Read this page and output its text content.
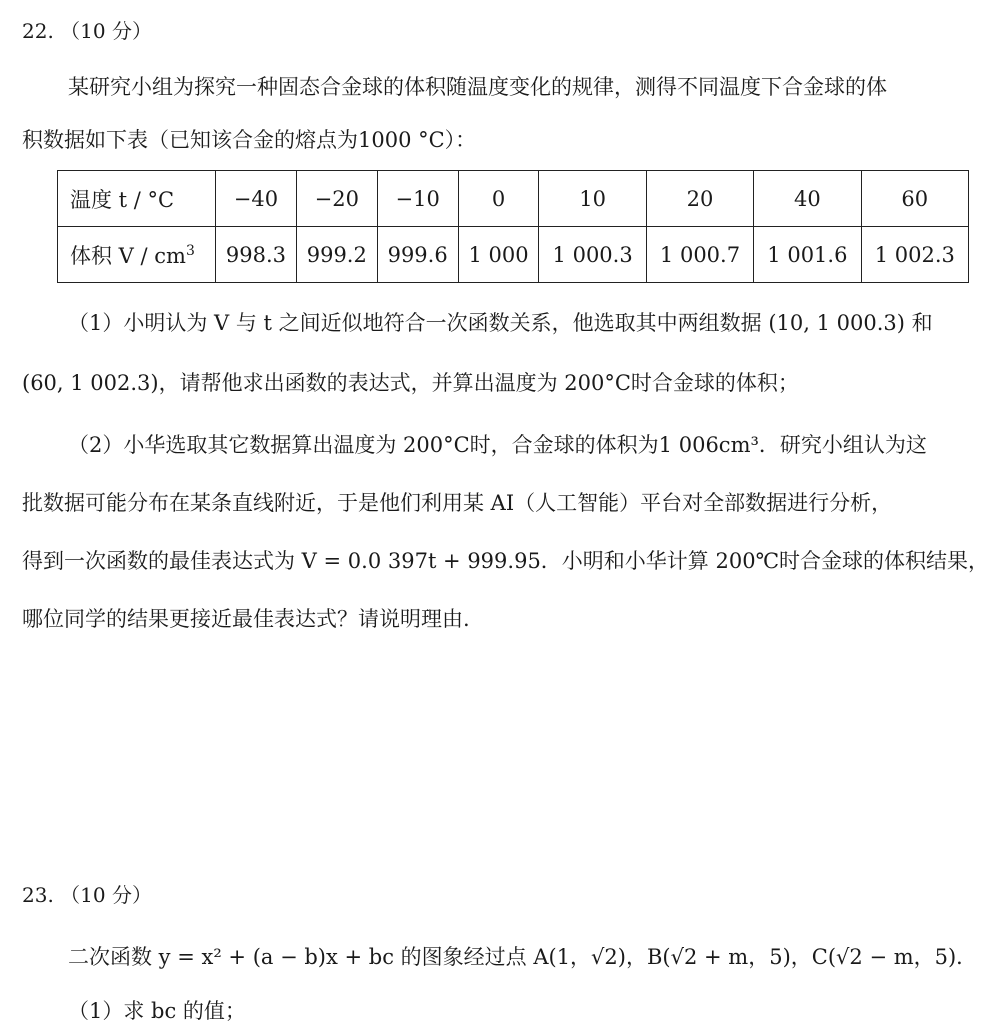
22. （10 分）
某研究小组为探究一种固态合金球的体积随温度变化的规律，测得不同温度下合金球的体
积数据如下表（已知该合金的熔点为1000 °C）：
温度 t / °C	−40	−20	−10	0	10	20	40	60
体积 V / $cm^3$	998.3	999.2	999.6	1 000	1 000.3	1 000.7	1 001.6	1 002.3
（1）小明认为 V 与 t 之间近似地符合一次函数关系，他选取其中两组数据 (10, 1 000.3) 和
(60, 1 002.3)，请帮他求出函数的表达式，并算出温度为 200°C时合金球的体积；
（2）小华选取其它数据算出温度为 200°C时，合金球的体积为1 006cm³．研究小组认为这
批数据可能分布在某条直线附近，于是他们利用某 AI（人工智能）平台对全部数据进行分析，
得到一次函数的最佳表达式为 V = 0.0 397t + 999.95．小明和小华计算 200℃时合金球的体积结果，
哪位同学的结果更接近最佳表达式？请说明理由.
23. （10 分）
二次函数 y = x² + (a − b)x + bc 的图象经过点 A(1，√2)，B(√2 + m，5)，C(√2 − m，5)．
（1）求 bc 的值；
